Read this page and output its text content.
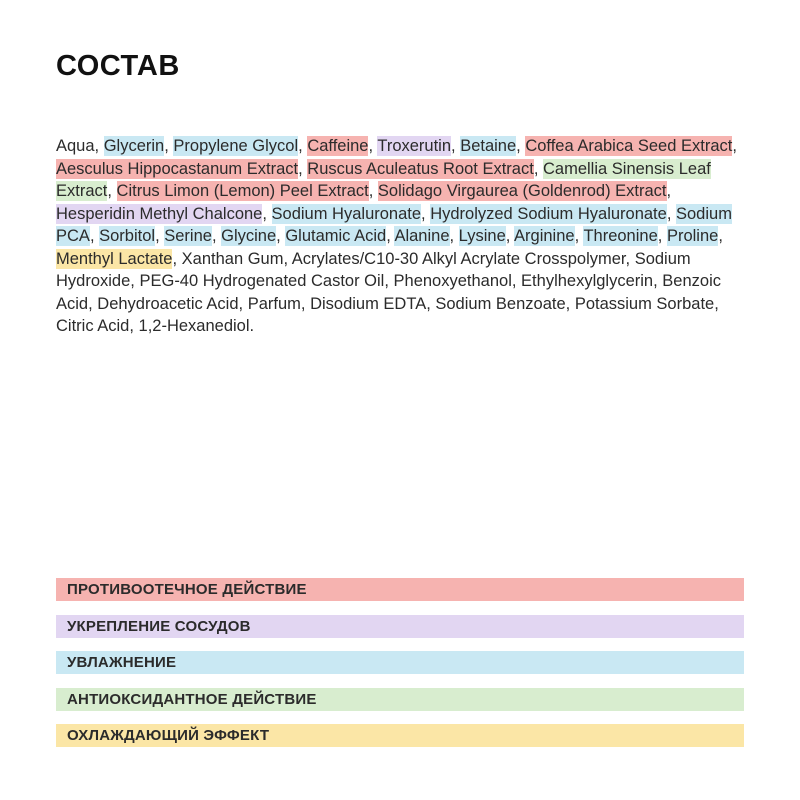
СОСТАВ

Aqua, Glycerin, Propylene Glycol, Caffeine, Troxerutin, Betaine, Coffea Arabica Seed Extract, Aesculus Hippocastanum Extract, Ruscus Aculeatus Root Extract, Camellia Sinensis Leaf Extract, Citrus Limon (Lemon) Peel Extract, Solidago Virgaurea (Goldenrod) Extract, Hesperidin Methyl Chalcone, Sodium Hyaluronate, Hydrolyzed Sodium Hyaluronate, Sodium PCA, Sorbitol, Serine, Glycine, Glutamic Acid, Alanine, Lysine, Arginine, Threonine, Proline, Menthyl Lactate, Xanthan Gum, Acrylates/C10-30 Alkyl Acrylate Crosspolymer, Sodium Hydroxide, PEG-40 Hydrogenated Castor Oil, Phenoxyethanol, Ethylhexylglycerin, Benzoic Acid, Dehydroacetic Acid, Parfum, Disodium EDTA, Sodium Benzoate, Potassium Sorbate, Citric Acid, 1,2-Hexanediol.

ПРОТИВООТЕЧНОЕ ДЕЙСТВИЕ
УКРЕПЛЕНИЕ СОСУДОВ
УВЛАЖНЕНИЕ
АНТИОКСИДАНТНОЕ ДЕЙСТВИЕ
ОХЛАЖДАЮЩИЙ ЭФФЕКТ
